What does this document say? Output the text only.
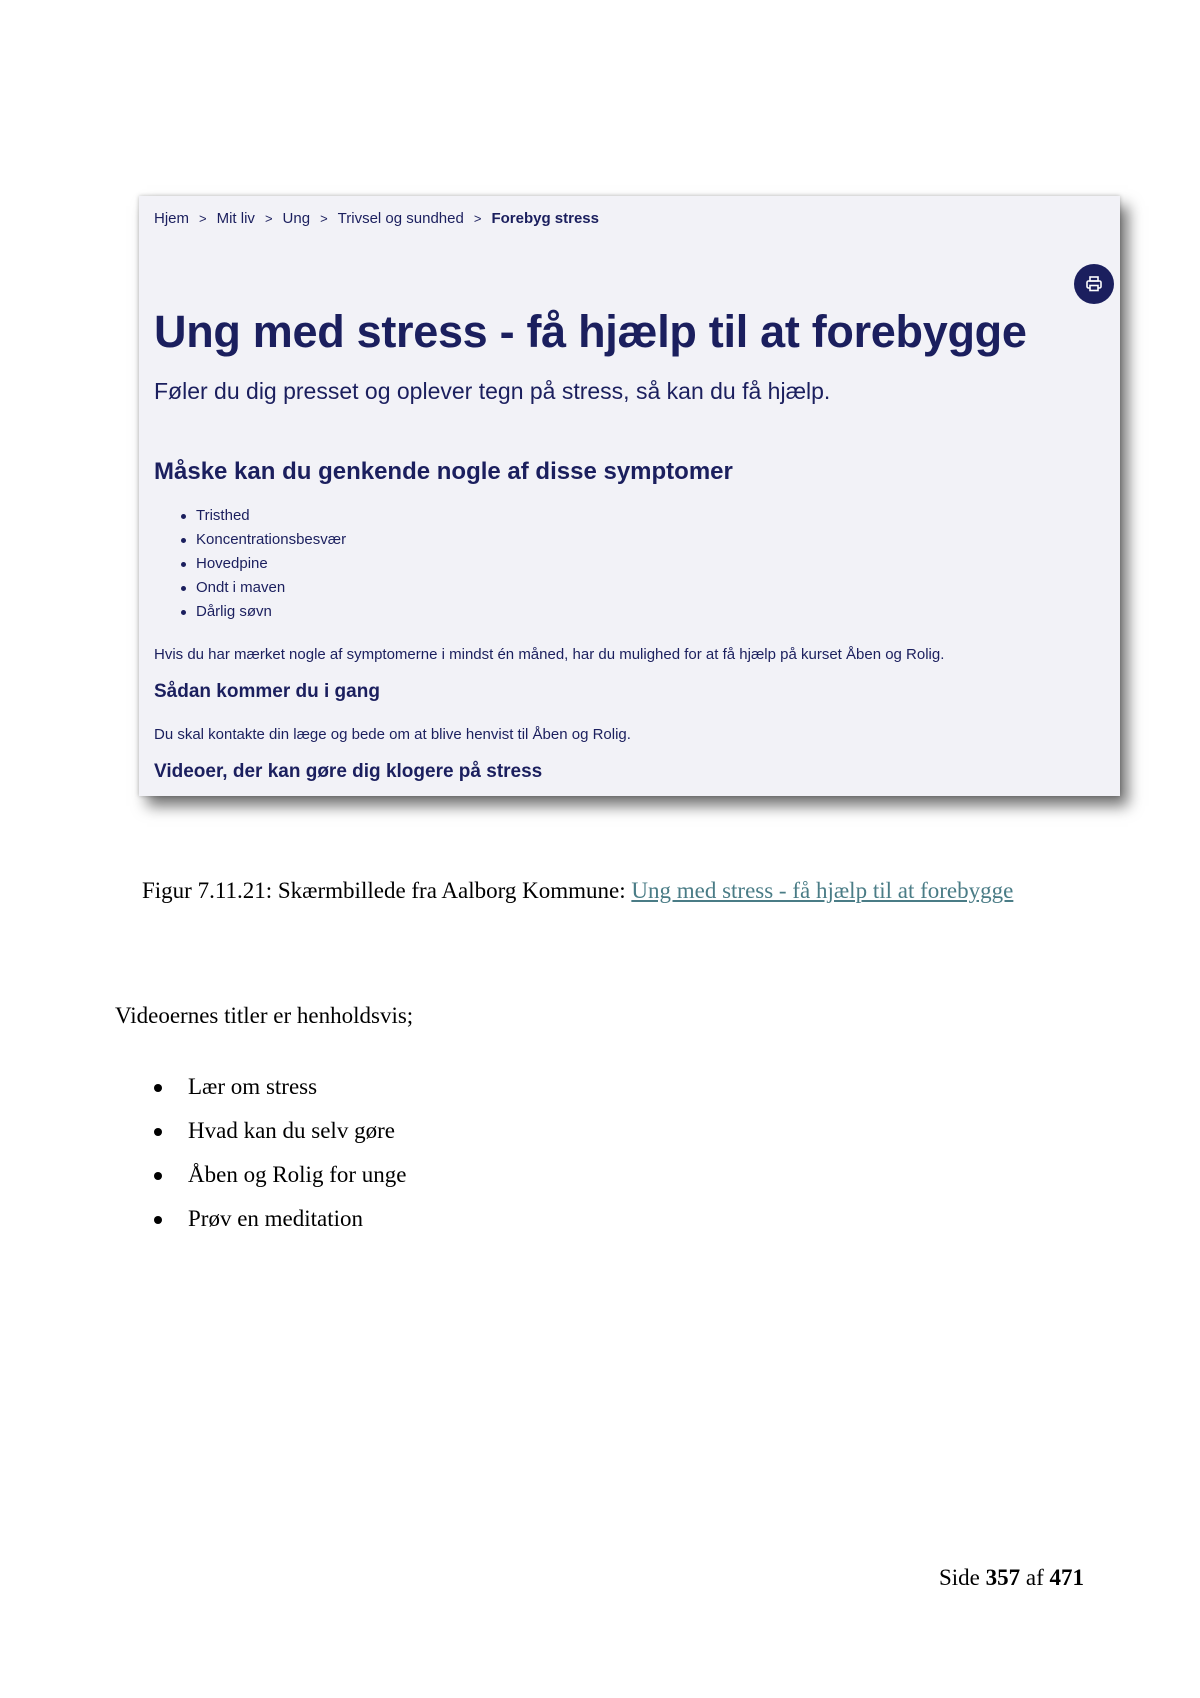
Hjem > Mit liv > Ung > Trivsel og sundhed > Forebyg stress
Ung med stress - få hjælp til at forebygge

Føler du dig presset og oplever tegn på stress, så kan du få hjælp.

Måske kan du genkende nogle af disse symptomer
Tristhed
Koncentrationsbesvær
Hovedpine
Ondt i maven
Dårlig søvn

Hvis du har mærket nogle af symptomerne i mindst én måned, har du mulighed for at få hjælp på kurset Åben og Rolig.

Sådan kommer du i gang

Du skal kontakte din læge og bede om at blive henvist til Åben og Rolig.

Videoer, der kan gøre dig klogere på stress
Figur 7.11.21: Skærmbillede fra Aalborg Kommune: Ung med stress - få hjælp til at forebygge

Videoernes titler er henholdsvis;

Lær om stress
Hvad kan du selv gøre
Åben og Rolig for unge
Prøv en meditation
Side 357 af 471
